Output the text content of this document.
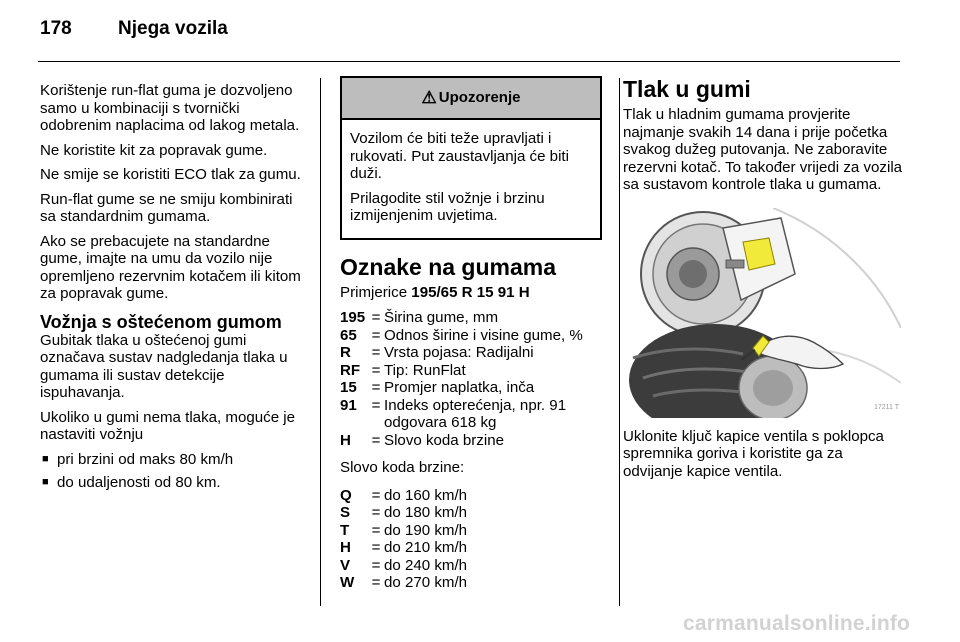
178	Njega vozila

Korištenje run-flat guma je dozvoljeno samo u kombinaciji s tvornički odobrenim naplacima od lakog metala.

Ne koristite kit za popravak gume.

Ne smije se koristiti ECO tlak za gumu.

Run-flat gume se ne smiju kombinirati sa standardnim gumama.

Ako se prebacujete na standardne gume, imajte na umu da vozilo nije opremljeno rezervnim kotačem ili kitom za popravak gume.

Vožnja s oštećenom gumom

Gubitak tlaka u oštećenoj gumi označava sustav nadgledanja tlaka u gumama ili sustav detekcije ispuhavanja.

Ukoliko u gumi nema tlaka, moguće je nastaviti vožnju

■ pri brzini od maks 80 km/h
■ do udaljenosti od 80 km.
⚠ Upozorenje

Vozilom će biti teže upravljati i rukovati. Put zaustavljanja će biti duži.

Prilagodite stil vožnje i brzinu izmijenjenim uvjetima.

Oznake na gumama
Primjerice 195/65 R 15 91 H
195	=	Širina gume, mm
65	=	Odnos širine i visine gume, %
R	=	Vrsta pojasa: Radijalni
RF	=	Tip: RunFlat
15	=	Promjer naplatka, inča
91	=	Indeks opterećenja, npr. 91 odgovara 618 kg
H	=	Slovo koda brzine
Slovo koda brzine:
Q	=	do 160 km/h
S	=	do 180 km/h
T	=	do 190 km/h
H	=	do 210 km/h
V	=	do 240 km/h
W	=	do 270 km/h
Tlak u gumi

Tlak u hladnim gumama provjerite najmanje svakih 14 dana i prije početka svakog dužeg putovanja. Ne zaboravite rezervni kotač. To također vrijedi za vozila sa sustavom kontrole tlaka u gumama.

17211 T

Uklonite ključ kapice ventila s poklopca spremnika goriva i koristite ga za odvijanje kapice ventila.

carmanualsonline.info
